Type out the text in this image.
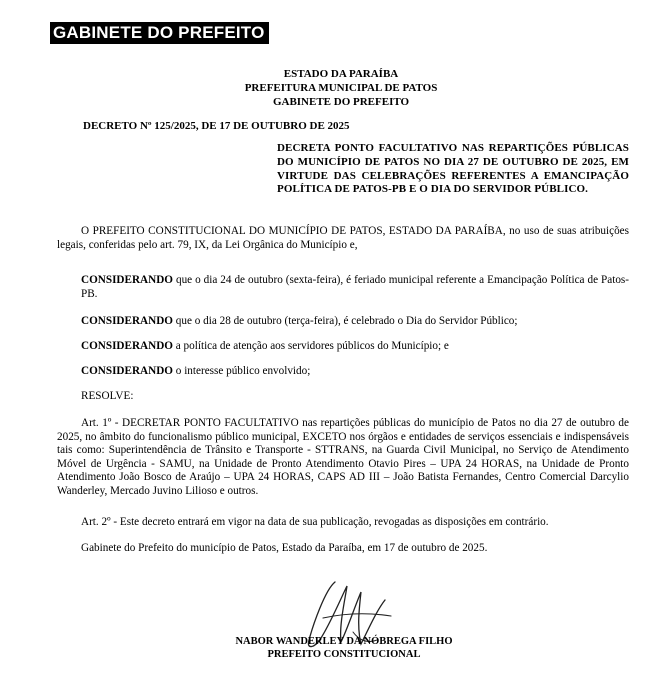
GABINETE DO PREFEITO
ESTADO DA PARAÍBA
PREFEITURA MUNICIPAL DE PATOS
GABINETE DO PREFEITO
DECRETO Nº 125/2025, DE 17 DE OUTUBRO DE 2025
DECRETA PONTO FACULTATIVO NAS REPARTIÇÕES PÚBLICAS DO MUNICÍPIO DE PATOS NO DIA 27 DE OUTUBRO DE 2025, EM VIRTUDE DAS CELEBRAÇÕES REFERENTES A EMANCIPAÇÃO POLÍTICA DE PATOS-PB E O DIA DO SERVIDOR PÚBLICO.
O PREFEITO CONSTITUCIONAL DO MUNICÍPIO DE PATOS, ESTADO DA PARAÍBA, no uso de suas atribuições legais, conferidas pelo art. 79, IX, da Lei Orgânica do Município e,
CONSIDERANDO que o dia 24 de outubro (sexta-feira), é feriado municipal referente a Emancipação Política de Patos-PB.
CONSIDERANDO que o dia 28 de outubro (terça-feira), é celebrado o Dia do Servidor Público;
CONSIDERANDO a política de atenção aos servidores públicos do Município; e
CONSIDERANDO o interesse público envolvido;
RESOLVE:
Art. 1º - DECRETAR PONTO FACULTATIVO nas repartições públicas do município de Patos no dia 27 de outubro de 2025, no âmbito do funcionalismo público municipal, EXCETO nos órgãos e entidades de serviços essenciais e indispensáveis tais como: Superintendência de Trânsito e Transporte - STTRANS, na Guarda Civil Municipal, no Serviço de Atendimento Móvel de Urgência - SAMU, na Unidade de Pronto Atendimento Otavio Pires – UPA 24 HORAS, na Unidade de Pronto Atendimento João Bosco de Araújo – UPA 24 HORAS, CAPS AD III – João Batista Fernandes, Centro Comercial Darcylio Wanderley, Mercado Juvino Lilioso e outros.
Art. 2º - Este decreto entrará em vigor na data de sua publicação, revogadas as disposições em contrário.
Gabinete do Prefeito do município de Patos, Estado da Paraíba, em 17 de outubro de 2025.
NABOR WANDERLEY DA NÓBREGA FILHO
PREFEITO CONSTITUCIONAL
